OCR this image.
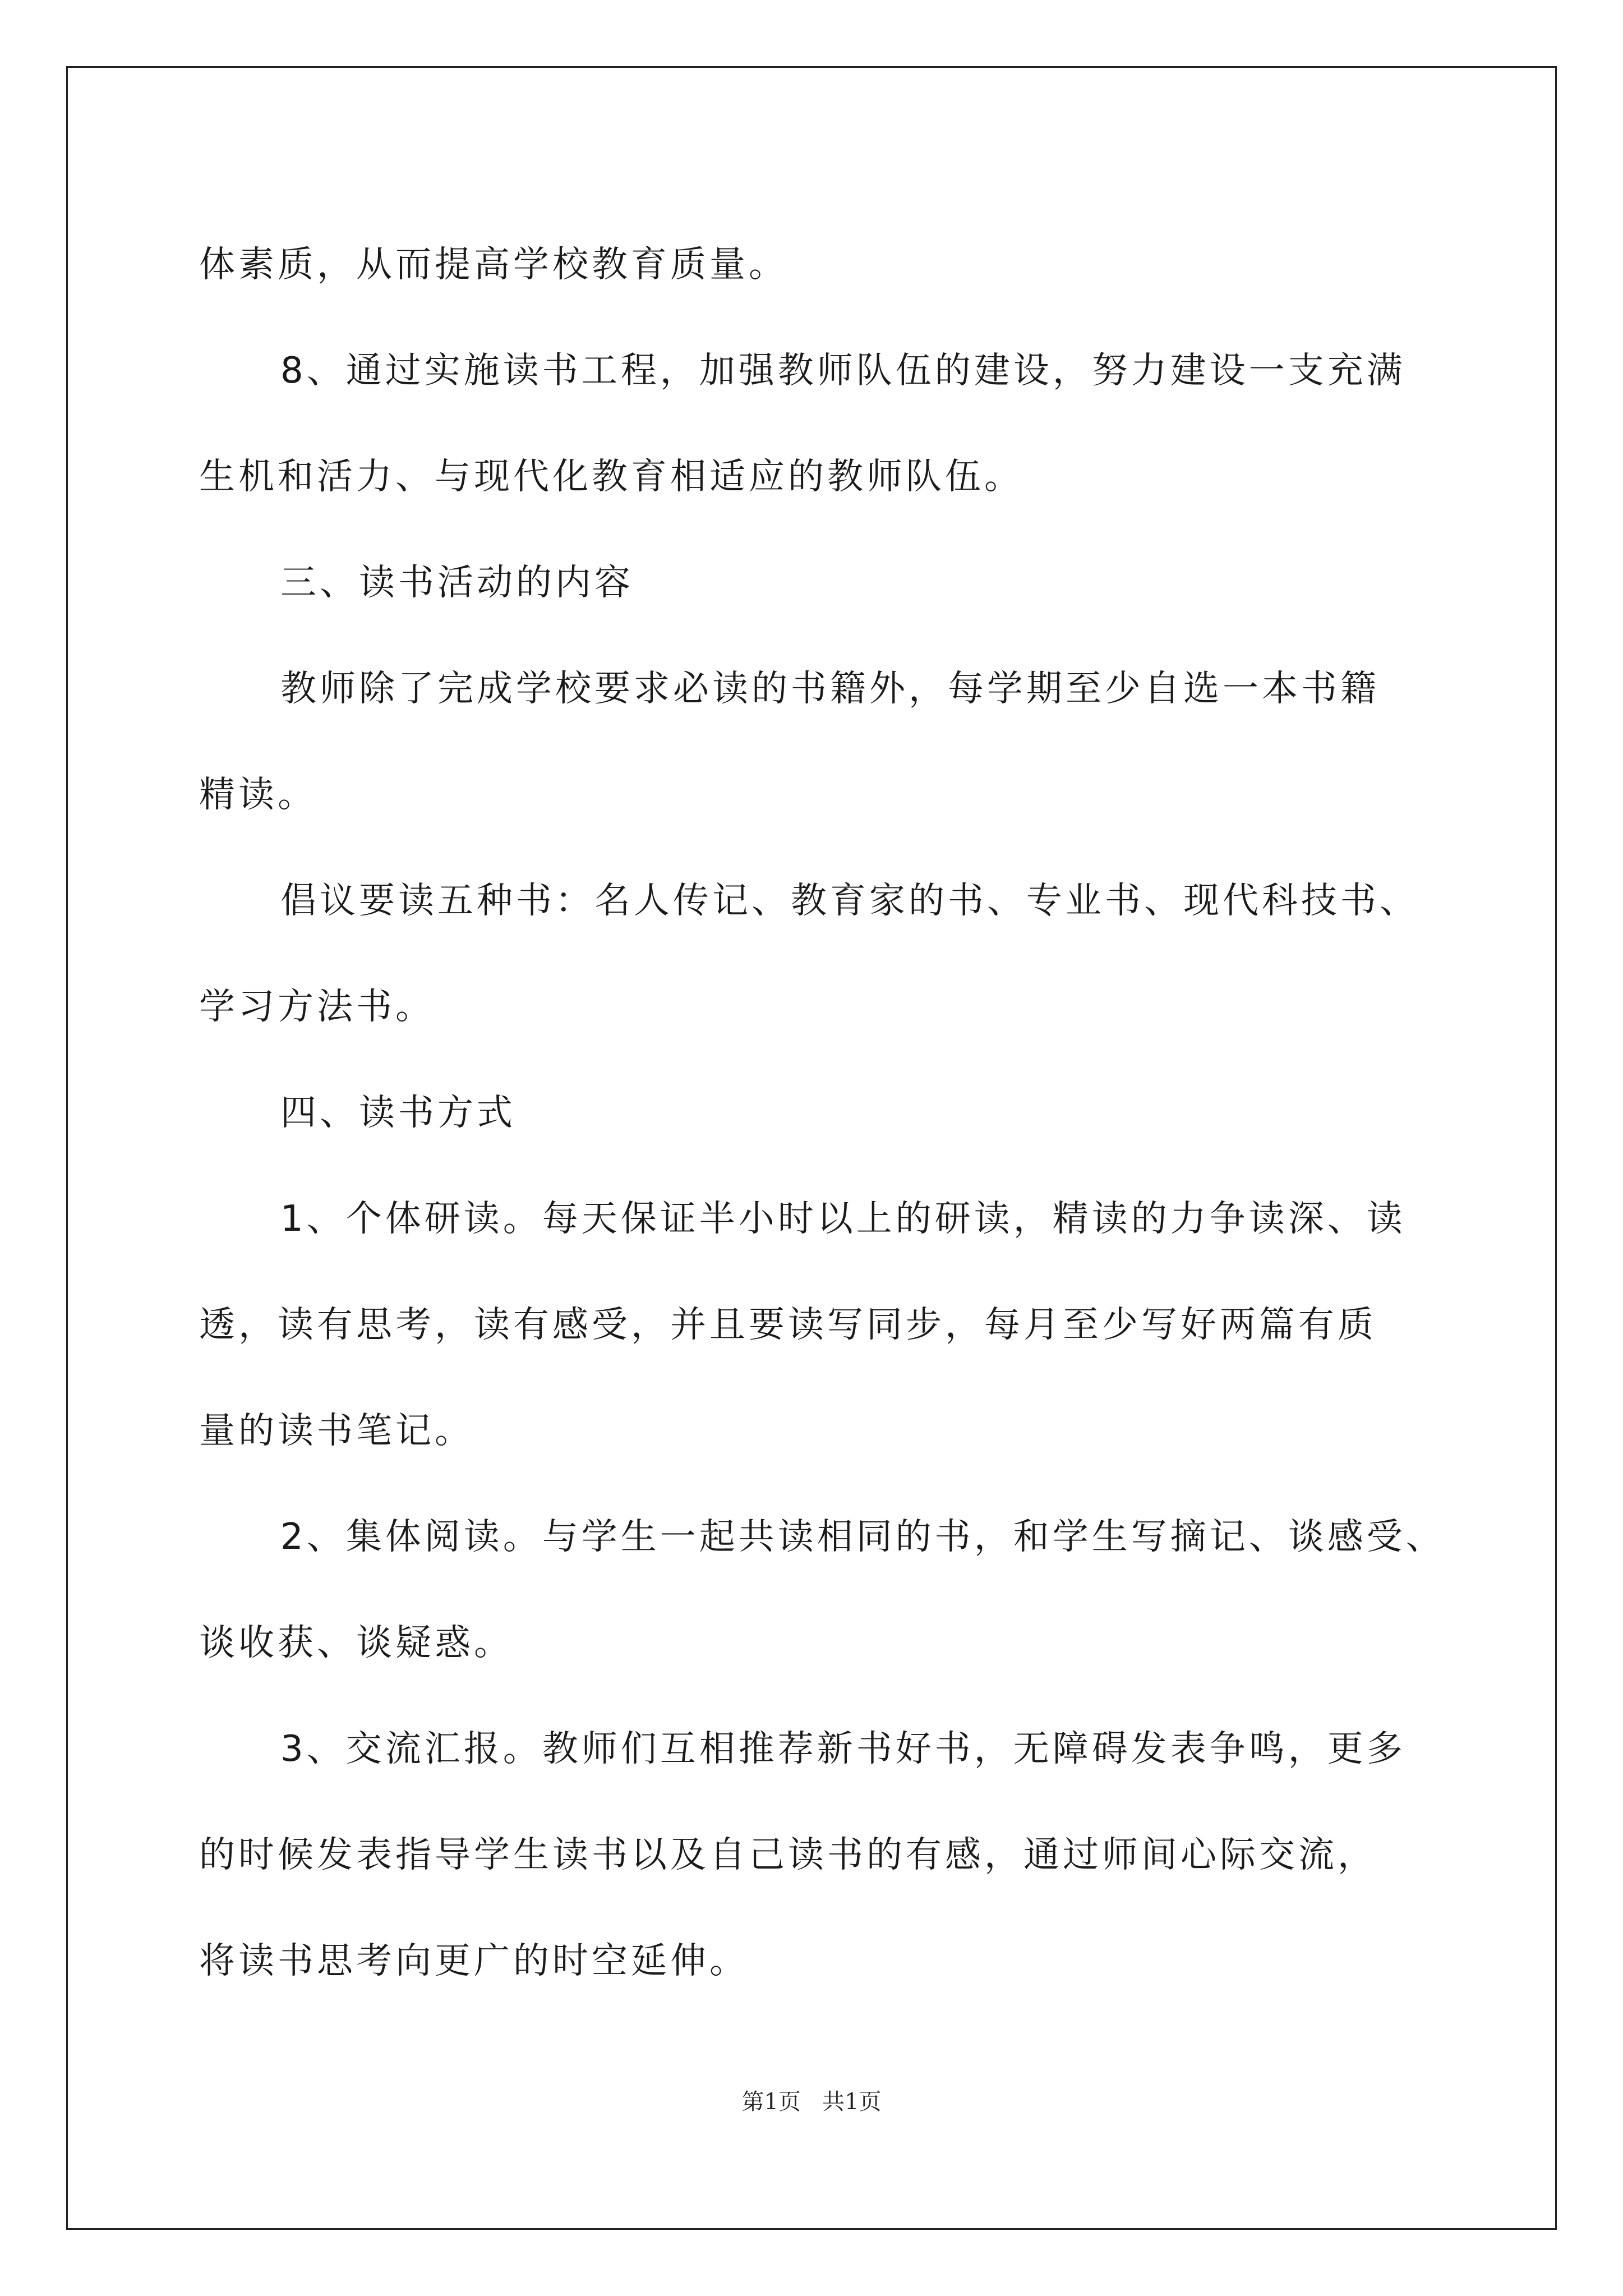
体素质，从而提高学校教育质量。

8、通过实施读书工程，加强教师队伍的建设，努力建设一支充满

生机和活力、与现代化教育相适应的教师队伍。

三、读书活动的内容

教师除了完成学校要求必读的书籍外，每学期至少自选一本书籍

精读。

倡议要读五种书：名人传记、教育家的书、专业书、现代科技书、

学习方法书。

四、读书方式

1、个体研读。每天保证半小时以上的研读，精读的力争读深、读

透，读有思考，读有感受，并且要读写同步，每月至少写好两篇有质

量的读书笔记。

2、集体阅读。与学生一起共读相同的书，和学生写摘记、谈感受、

谈收获、谈疑惑。

3、交流汇报。教师们互相推荐新书好书，无障碍发表争鸣，更多

的时候发表指导学生读书以及自己读书的有感，通过师间心际交流，

将读书思考向更广的时空延伸。

第1页   共1页
